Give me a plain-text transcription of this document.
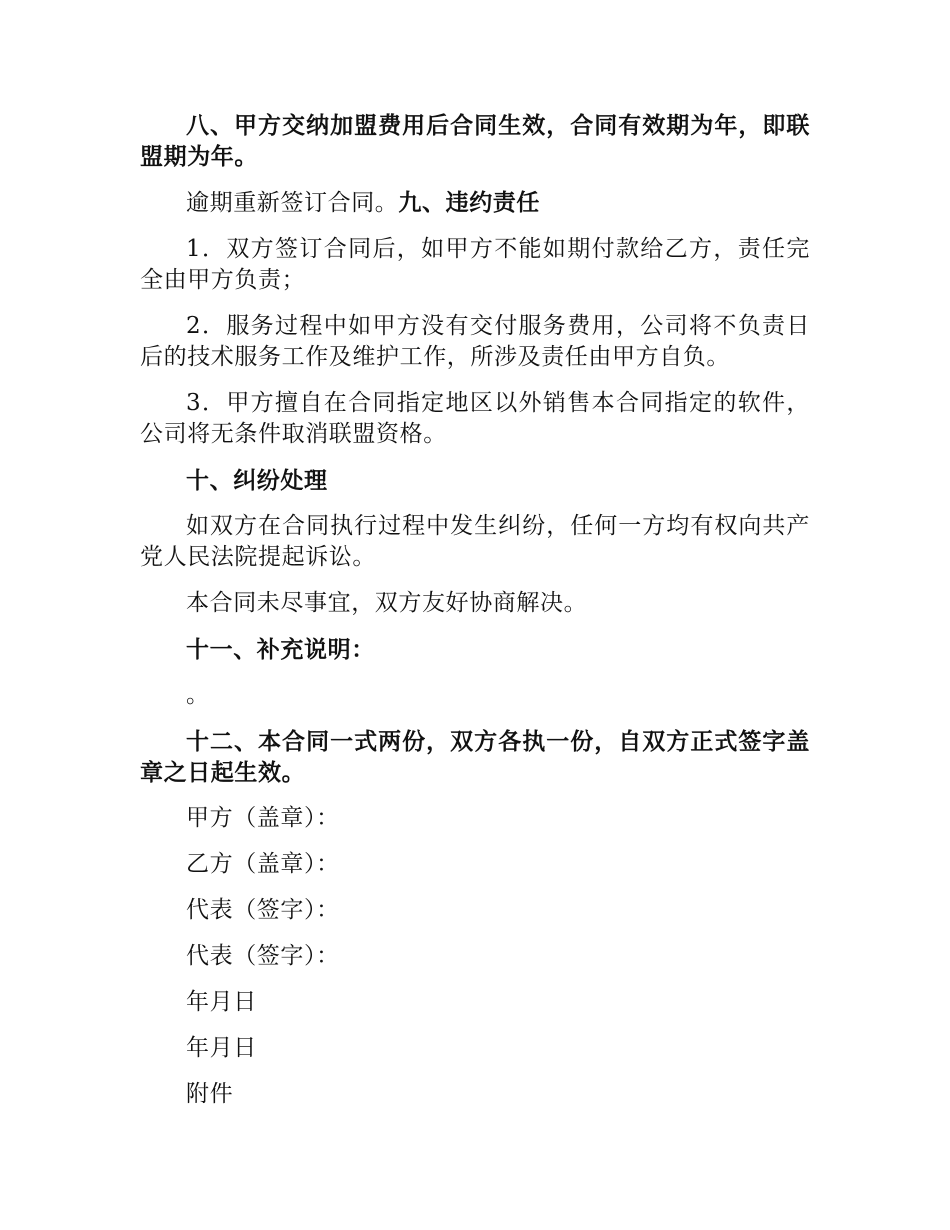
八、甲方交纳加盟费用后合同生效，合同有效期为年，即联盟期为年。

逾期重新签订合同。九、违约责任

1．双方签订合同后，如甲方不能如期付款给乙方，责任完全由甲方负责；

2．服务过程中如甲方没有交付服务费用，公司将不负责日后的技术服务工作及维护工作，所涉及责任由甲方自负。

3．甲方擅自在合同指定地区以外销售本合同指定的软件，公司将无条件取消联盟资格。

十、纠纷处理

如双方在合同执行过程中发生纠纷，任何一方均有权向共产党人民法院提起诉讼。

本合同未尽事宜，双方友好协商解决。

十一、补充说明：

。

十二、本合同一式两份，双方各执一份，自双方正式签字盖章之日起生效。

甲方（盖章）：

乙方（盖章）：

代表（签字）：

代表（签字）：

年月日

年月日

附件
